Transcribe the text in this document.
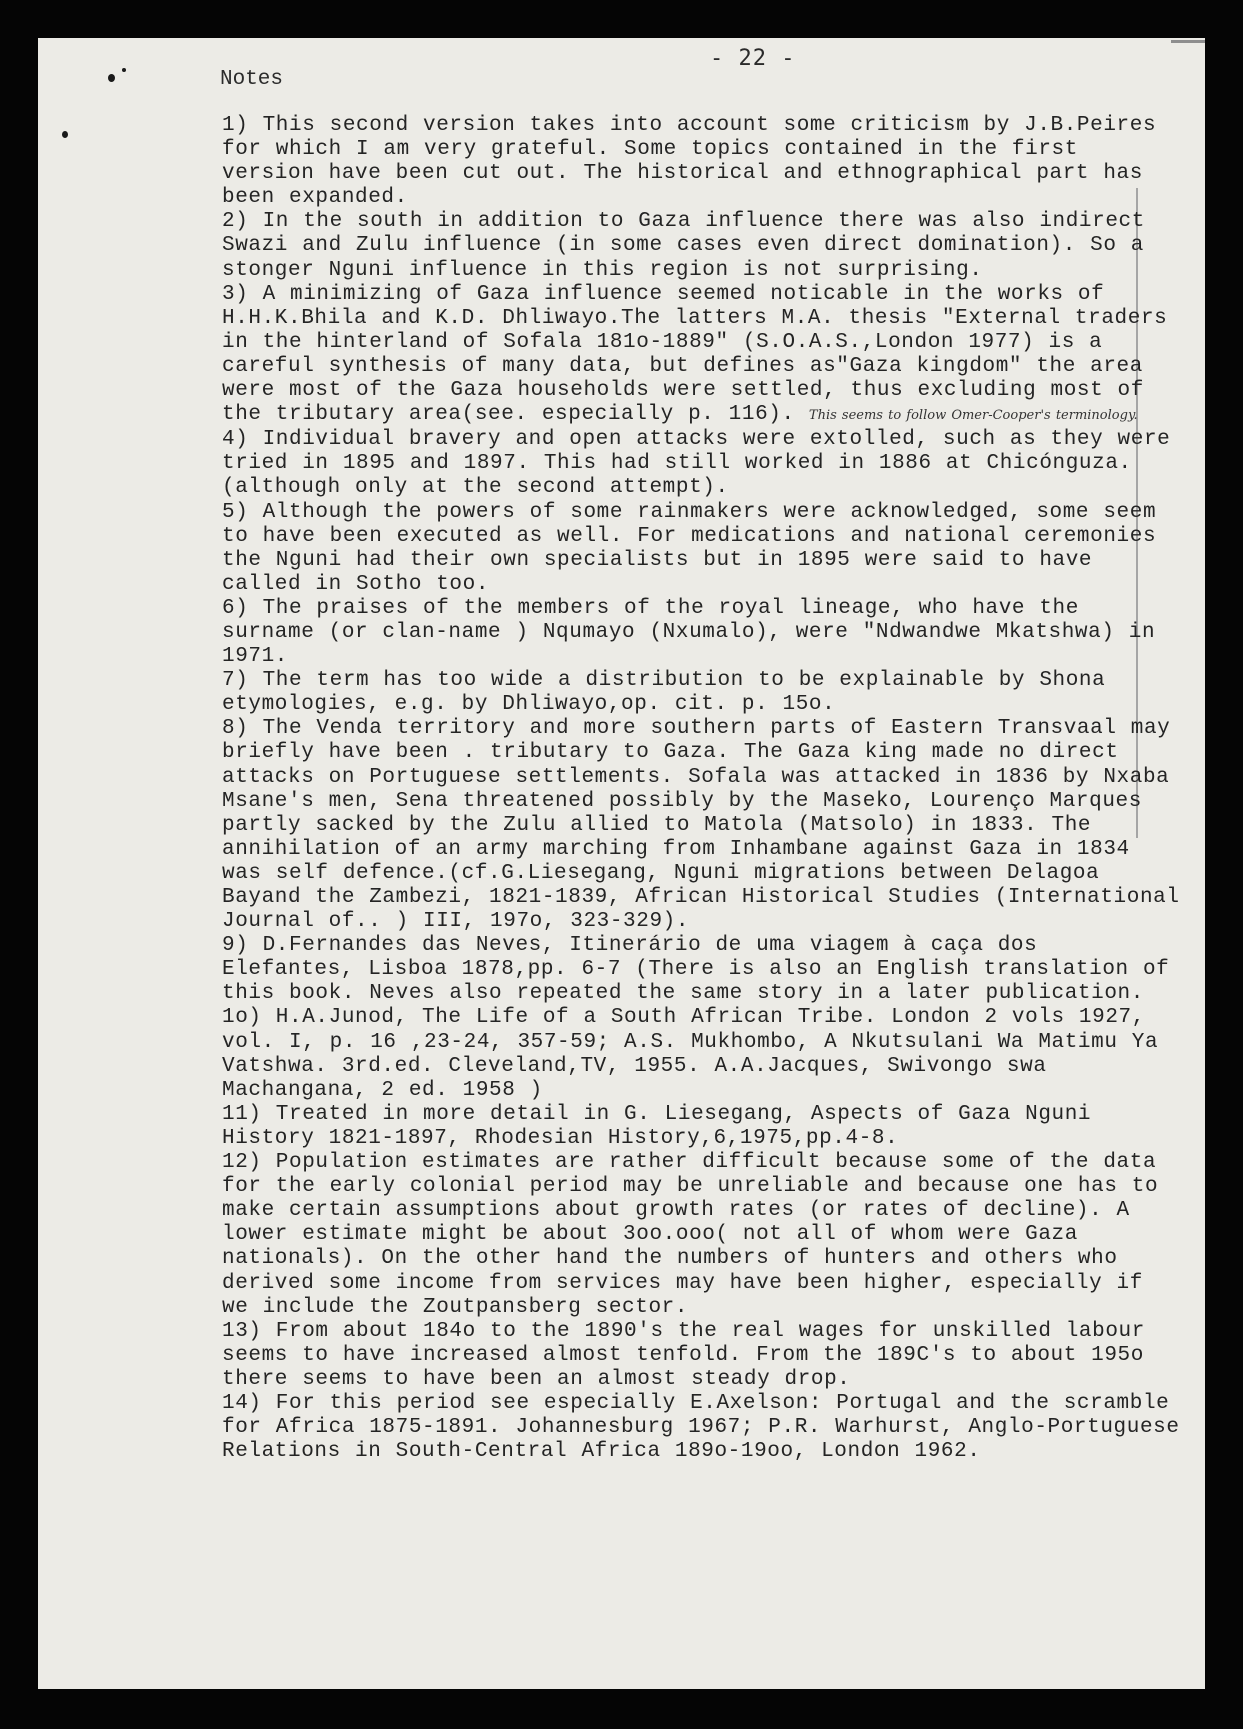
- 22 -
Notes
1) This second version takes into account some criticism by J.B.Peires for which I am very grateful. Some topics contained in the first version have been cut out. The historical and ethnographical part has been expanded.
2) In the south in addition to Gaza influence there was also indirect Swazi and Zulu influence (in some cases even direct domination). So a stonger Nguni influence in this region is not surprising.
3) A minimizing of Gaza influence seemed noticable in the works of H.H.K.Bhila and K.D. Dhliwayo.The latters M.A. thesis "External traders in the hinterland of Sofala 181o-1889" (S.O.A.S.,London 1977) is a careful synthesis of many data, but defines as"Gaza kingdom" the area were most of the Gaza households were settled, thus excluding most of the tributary area(see. especially p. 116). This seems to follow Omer-Cooper's terminology.
4) Individual bravery and open attacks were extolled, such as they were tried in 1895 and 1897. This had still worked in 1886 at Chicónguza.(although only at the second attempt).
5) Although the powers of some rainmakers were acknowledged, some seem to have been executed as well. For medications and national ceremonies the Nguni had their own specialists but in 1895 were said to have called in Sotho too.
6) The praises of the members of the royal lineage, who have the surname (or clan-name ) Nqumayo (Nxumalo), were "Ndwandwe Mkatshwa) in 1971.
7) The term has too wide a distribution to be explainable by Shona etymologies, e.g. by Dhliwayo,op. cit. p. 15o.
8) The Venda territory and more southern parts of Eastern Transvaal may briefly have been . tributary to Gaza. The Gaza king made no direct attacks on Portuguese settlements. Sofala was attacked in 1836 by Nxaba Msane's men, Sena threatened possibly by the Maseko, Lourenço Marques partly sacked by the Zulu allied to Matola (Matsolo) in 1833. The annihilation of an army marching from Inhambane against Gaza in 1834 was self defence.(cf.G.Liesegang, Nguni migrations between Delagoa Bayand the Zambezi, 1821-1839, African Historical Studies (International Journal of.. ) III, 197o, 323-329).
9) D.Fernandes das Neves, Itinerário de uma viagem à caça dos Elefantes, Lisboa 1878,pp. 6-7 (There is also an English translation of this book. Neves also repeated the same story in a later publication.
1o) H.A.Junod, The Life of a South African Tribe. London 2 vols 1927, vol. I, p. 16 ,23-24, 357-59; A.S. Mukhombo, A Nkutsulani Wa Matimu Ya Vatshwa. 3rd.ed. Cleveland,TV, 1955. A.A.Jacques, Swivongo swa Machangana, 2 ed. 1958 )
11) Treated in more detail in G. Liesegang, Aspects of Gaza Nguni History 1821-1897, Rhodesian History,6,1975,pp.4-8.
12) Population estimates are rather difficult because some of the data for the early colonial period may be unreliable and because one has to make certain assumptions about growth rates (or rates of decline). A lower estimate might be about 3oo.ooo( not all of whom were Gaza nationals). On the other hand the numbers of hunters and others who derived some income from services may have been higher, especially if we include the Zoutpansberg sector.
13) From about 184o to the 1890's the real wages for unskilled labour seems to have increased almost tenfold. From the 189C's to about 195o there seems to have been an almost steady drop.
14) For this period see especially E.Axelson: Portugal and the scramble for Africa 1875-1891. Johannesburg 1967; P.R. Warhurst, Anglo-Portuguese Relations in South-Central Africa 189o-19oo, London 1962.
